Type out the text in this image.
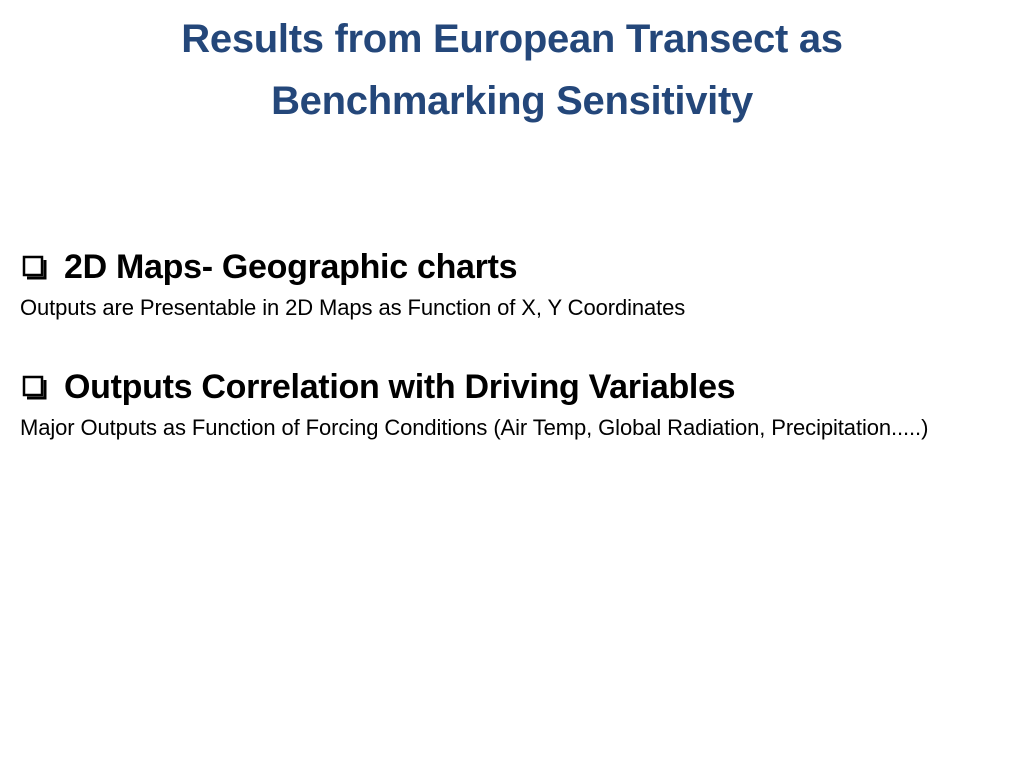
Results from European Transect as
Benchmarking Sensitivity
2D Maps- Geographic charts
Outputs are Presentable in 2D Maps as Function of X, Y Coordinates
Outputs Correlation with Driving Variables
Major Outputs as Function of Forcing Conditions (Air Temp, Global Radiation, Precipitation.....)
